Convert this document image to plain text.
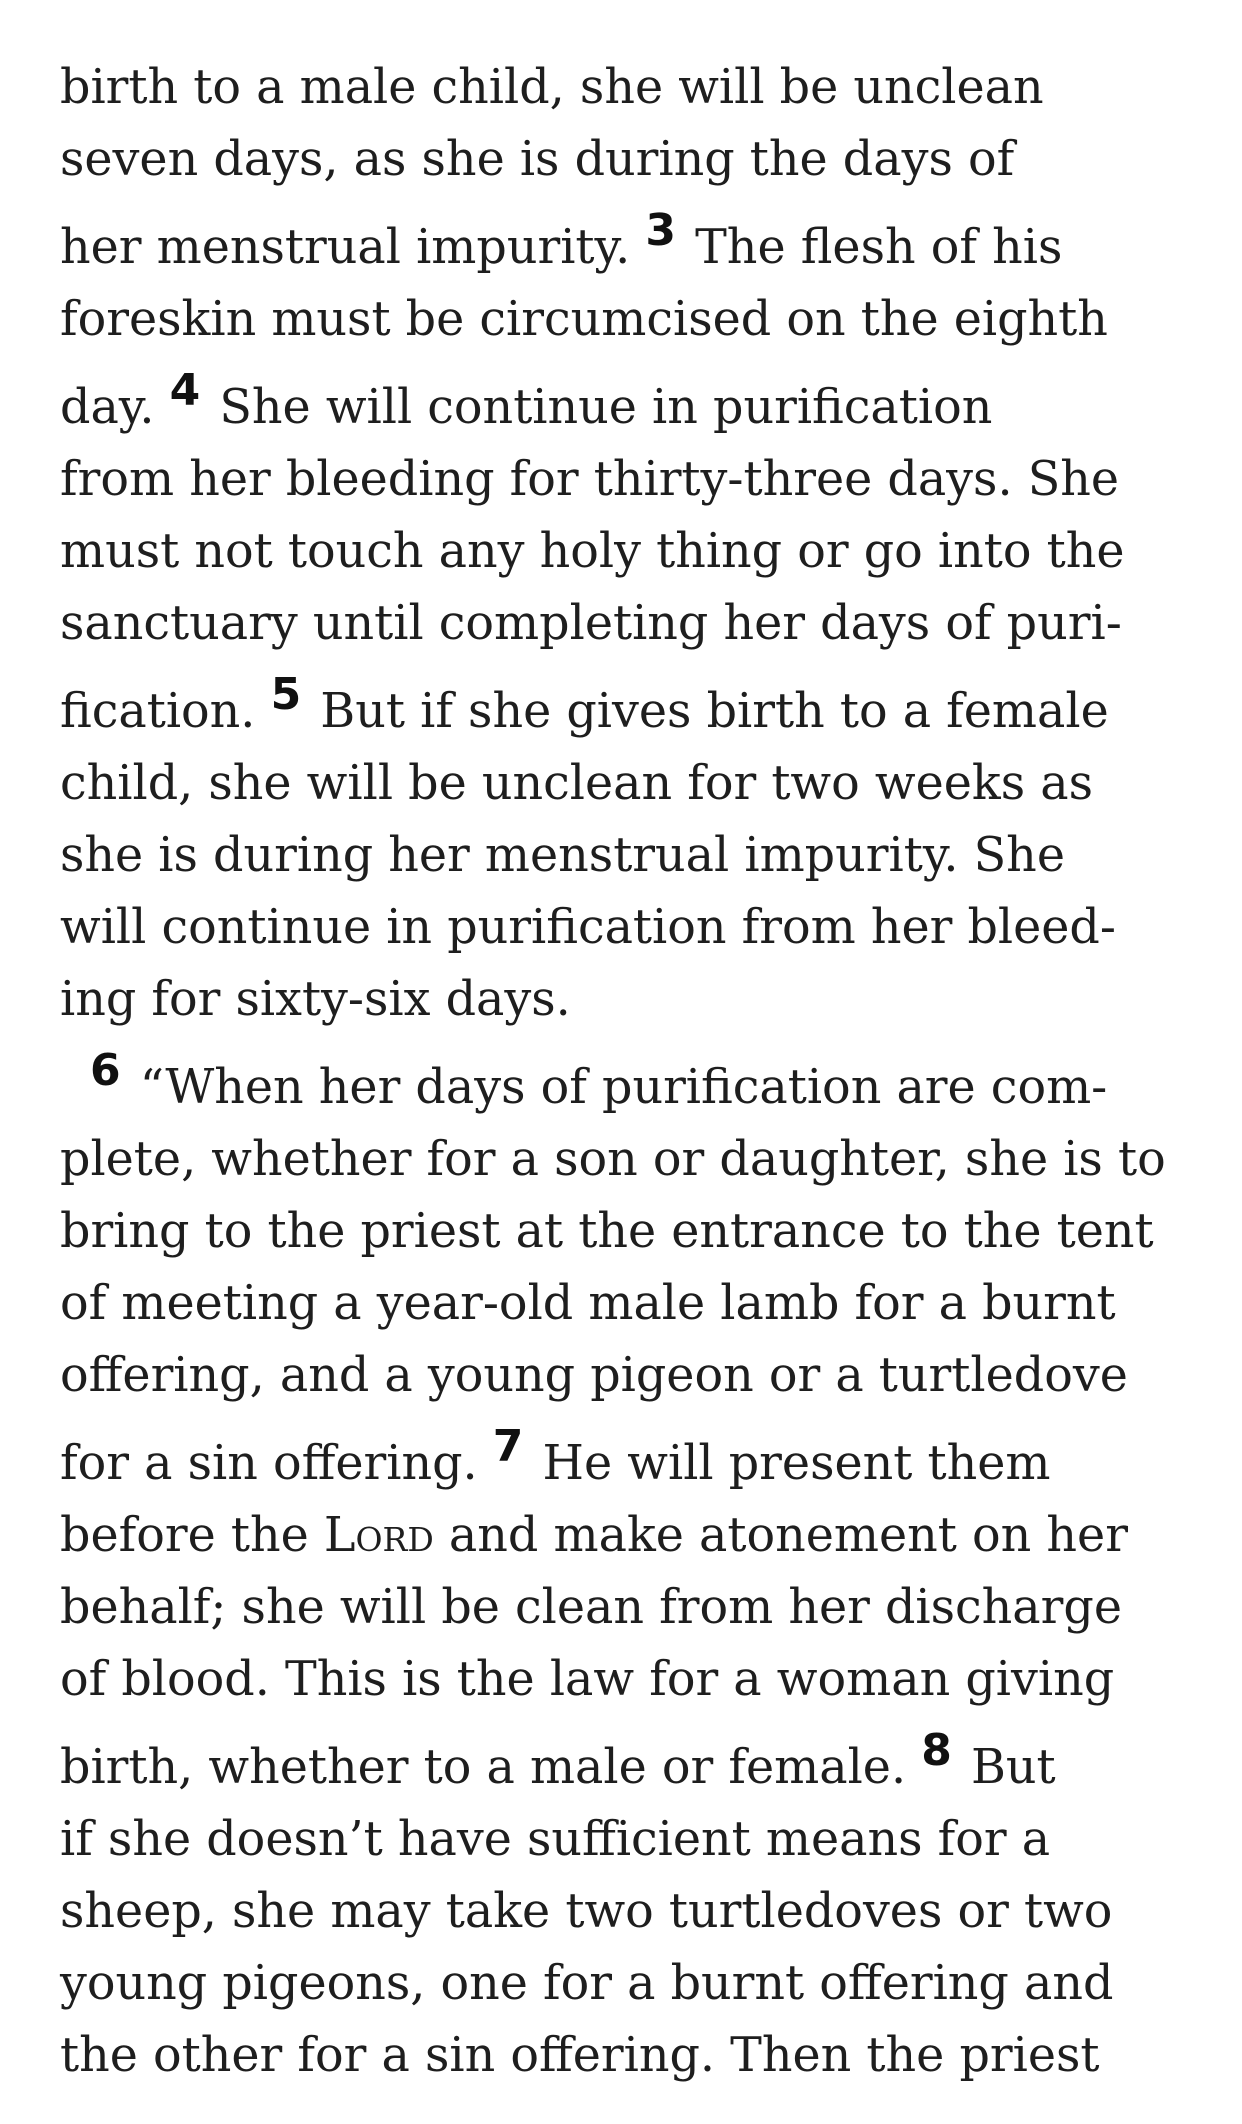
birth to a male child, she will be unclean
seven days, as she is during the days of
her menstrual impurity. 3 The flesh of his
foreskin must be circumcised on the eighth
day. 4 She will continue in purification
from her bleeding for thirty-three days. She
must not touch any holy thing or go into the
sanctuary until completing her days of puri-
fication. 5 But if she gives birth to a female
child, she will be unclean for two weeks as
she is during her menstrual impurity. She
will continue in purification from her bleed-
ing for sixty-six days.
6 “When her days of purification are com-
plete, whether for a son or daughter, she is to
bring to the priest at the entrance to the tent
of meeting a year-old male lamb for a burnt
offering, and a young pigeon or a turtledove
for a sin offering. 7 He will present them
before the Lord and make atonement on her
behalf; she will be clean from her discharge
of blood. This is the law for a woman giving
birth, whether to a male or female. 8 But
if she doesn’t have sufficient means for a
sheep, she may take two turtledoves or two
young pigeons, one for a burnt offering and
the other for a sin offering. Then the priest
